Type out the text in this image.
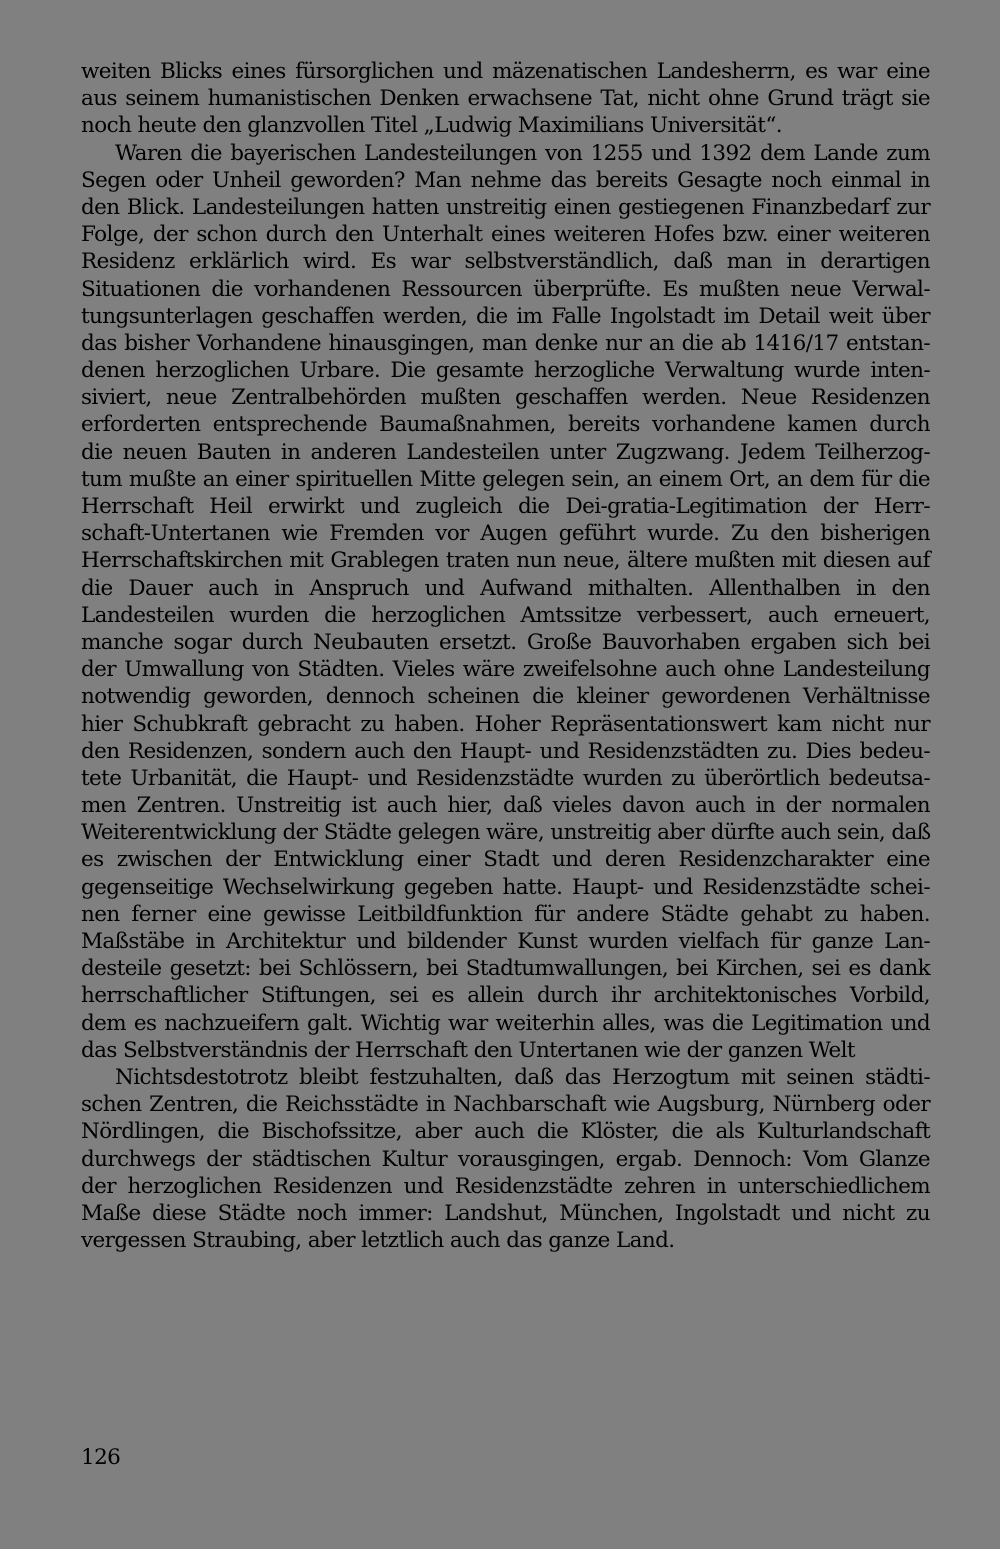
weiten Blicks eines fürsorglichen und mäzenatischen Landesherrn, es war eine
aus seinem humanistischen Denken erwachsene Tat, nicht ohne Grund trägt sie
noch heute den glanzvollen Titel „Ludwig Maximilians Universität“.

Waren die bayerischen Landesteilungen von 1255 und 1392 dem Lande zum
Segen oder Unheil geworden? Man nehme das bereits Gesagte noch einmal in
den Blick. Landesteilungen hatten unstreitig einen gestiegenen Finanzbedarf zur
Folge, der schon durch den Unterhalt eines weiteren Hofes bzw. einer weiteren
Residenz erklärlich wird. Es war selbstverständlich, daß man in derartigen
Situationen die vorhandenen Ressourcen überprüfte. Es mußten neue Verwal-
tungsunterlagen geschaffen werden, die im Falle Ingolstadt im Detail weit über
das bisher Vorhandene hinausgingen, man denke nur an die ab 1416/17 entstan-
denen herzoglichen Urbare. Die gesamte herzogliche Verwaltung wurde inten-
siviert, neue Zentralbehörden mußten geschaffen werden. Neue Residenzen
erforderten entsprechende Baumaßnahmen, bereits vorhandene kamen durch
die neuen Bauten in anderen Landesteilen unter Zugzwang. Jedem Teilherzog-
tum mußte an einer spirituellen Mitte gelegen sein, an einem Ort, an dem für die
Herrschaft Heil erwirkt und zugleich die Dei-gratia-Legitimation der Herr-
schaft-Untertanen wie Fremden vor Augen geführt wurde. Zu den bisherigen
Herrschaftskirchen mit Grablegen traten nun neue, ältere mußten mit diesen auf
die Dauer auch in Anspruch und Aufwand mithalten. Allenthalben in den
Landesteilen wurden die herzoglichen Amtssitze verbessert, auch erneuert,
manche sogar durch Neubauten ersetzt. Große Bauvorhaben ergaben sich bei
der Umwallung von Städten. Vieles wäre zweifelsohne auch ohne Landesteilung
notwendig geworden, dennoch scheinen die kleiner gewordenen Verhältnisse
hier Schubkraft gebracht zu haben. Hoher Repräsentationswert kam nicht nur
den Residenzen, sondern auch den Haupt- und Residenzstädten zu. Dies bedeu-
tete Urbanität, die Haupt- und Residenzstädte wurden zu überörtlich bedeutsa-
men Zentren. Unstreitig ist auch hier, daß vieles davon auch in der normalen
Weiterentwicklung der Städte gelegen wäre, unstreitig aber dürfte auch sein, daß
es zwischen der Entwicklung einer Stadt und deren Residenzcharakter eine
gegenseitige Wechselwirkung gegeben hatte. Haupt- und Residenzstädte schei-
nen ferner eine gewisse Leitbildfunktion für andere Städte gehabt zu haben.
Maßstäbe in Architektur und bildender Kunst wurden vielfach für ganze Lan-
desteile gesetzt: bei Schlössern, bei Stadtumwallungen, bei Kirchen, sei es dank
herrschaftlicher Stiftungen, sei es allein durch ihr architektonisches Vorbild,
dem es nachzueifern galt. Wichtig war weiterhin alles, was die Legitimation und
das Selbstverständnis der Herrschaft den Untertanen wie der ganzen Welt

Nichtsdestotrotz bleibt festzuhalten, daß das Herzogtum mit seinen städti-
schen Zentren, die Reichsstädte in Nachbarschaft wie Augsburg, Nürnberg oder
Nördlingen, die Bischofssitze, aber auch die Klöster, die als Kulturlandschaft
durchwegs der städtischen Kultur vorausgingen, ergab. Dennoch: Vom Glanze
der herzoglichen Residenzen und Residenzstädte zehren in unterschiedlichem
Maße diese Städte noch immer: Landshut, München, Ingolstadt und nicht zu
vergessen Straubing, aber letztlich auch das ganze Land.

126
